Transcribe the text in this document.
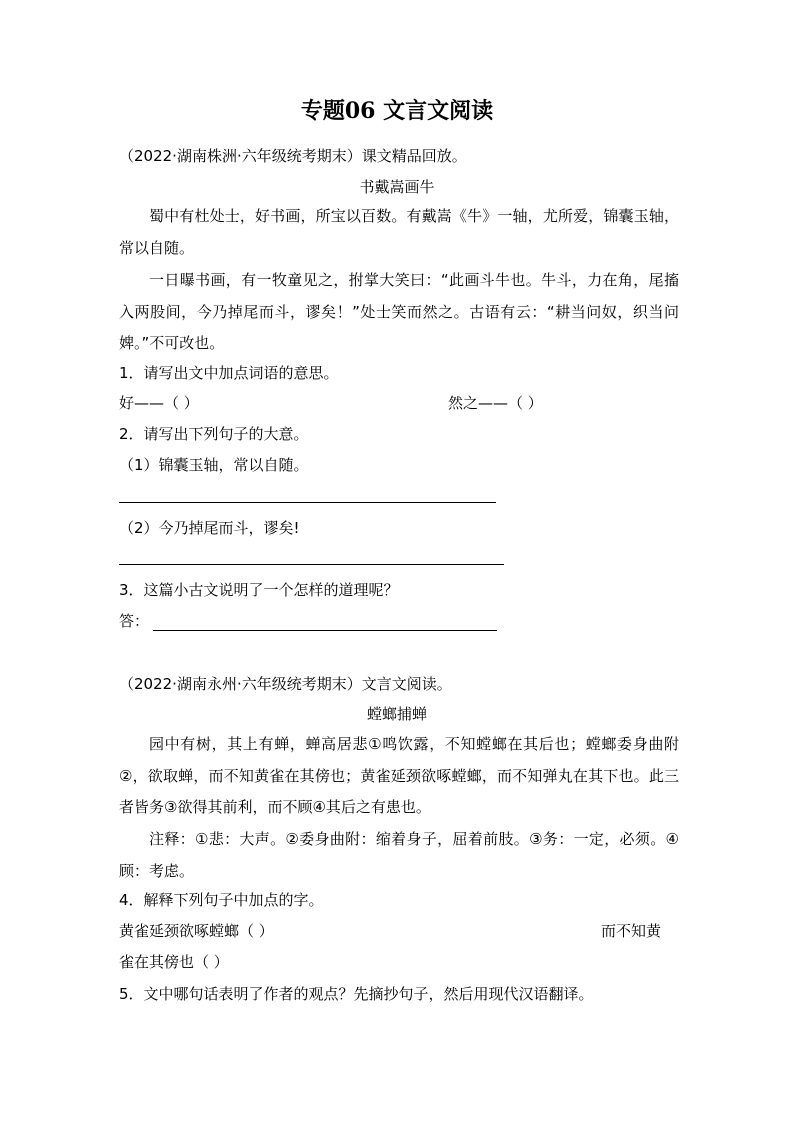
专题06 文言文阅读
（2022·湖南株洲·六年级统考期末）课文精品回放。
书戴嵩画牛
蜀中有杜处士，好书画，所宝以百数。有戴嵩《牛》一轴，尤所爱，锦囊玉轴，常以自随。
一日曝书画，有一牧童见之，拊掌大笑曰：“此画斗牛也。牛斗，力在角，尾搐入两股间，今乃掉尾而斗，谬矣！”处士笑而然之。古语有云：“耕当问奴，织当问婢。”不可改也。
1．请写出文中加点词语的意思。
好——（ ）	然之——（ ）
2．请写出下列句子的大意。
（1）锦囊玉轴，常以自随。
（2）今乃掉尾而斗，谬矣!
3．这篇小古文说明了一个怎样的道理呢？
答：
（2022·湖南永州·六年级统考期末）文言文阅读。
螳螂捕蝉
园中有树，其上有蝉，蝉高居悲①鸣饮露，不知螳螂在其后也；螳螂委身曲附②，欲取蝉，而不知黄雀在其傍也；黄雀延颈欲啄螳螂，而不知弹丸在其下也。此三者皆务③欲得其前利，而不顾④其后之有患也。
注释：①悲：大声。②委身曲附：缩着身子，屈着前肢。③务：一定，必须。④顾：考虑。
4．解释下列句子中加点的字。
黄雀延颈欲啄螳螂（ ）	而不知黄
雀在其傍也（ ）
5．文中哪句话表明了作者的观点？先摘抄句子，然后用现代汉语翻译。
